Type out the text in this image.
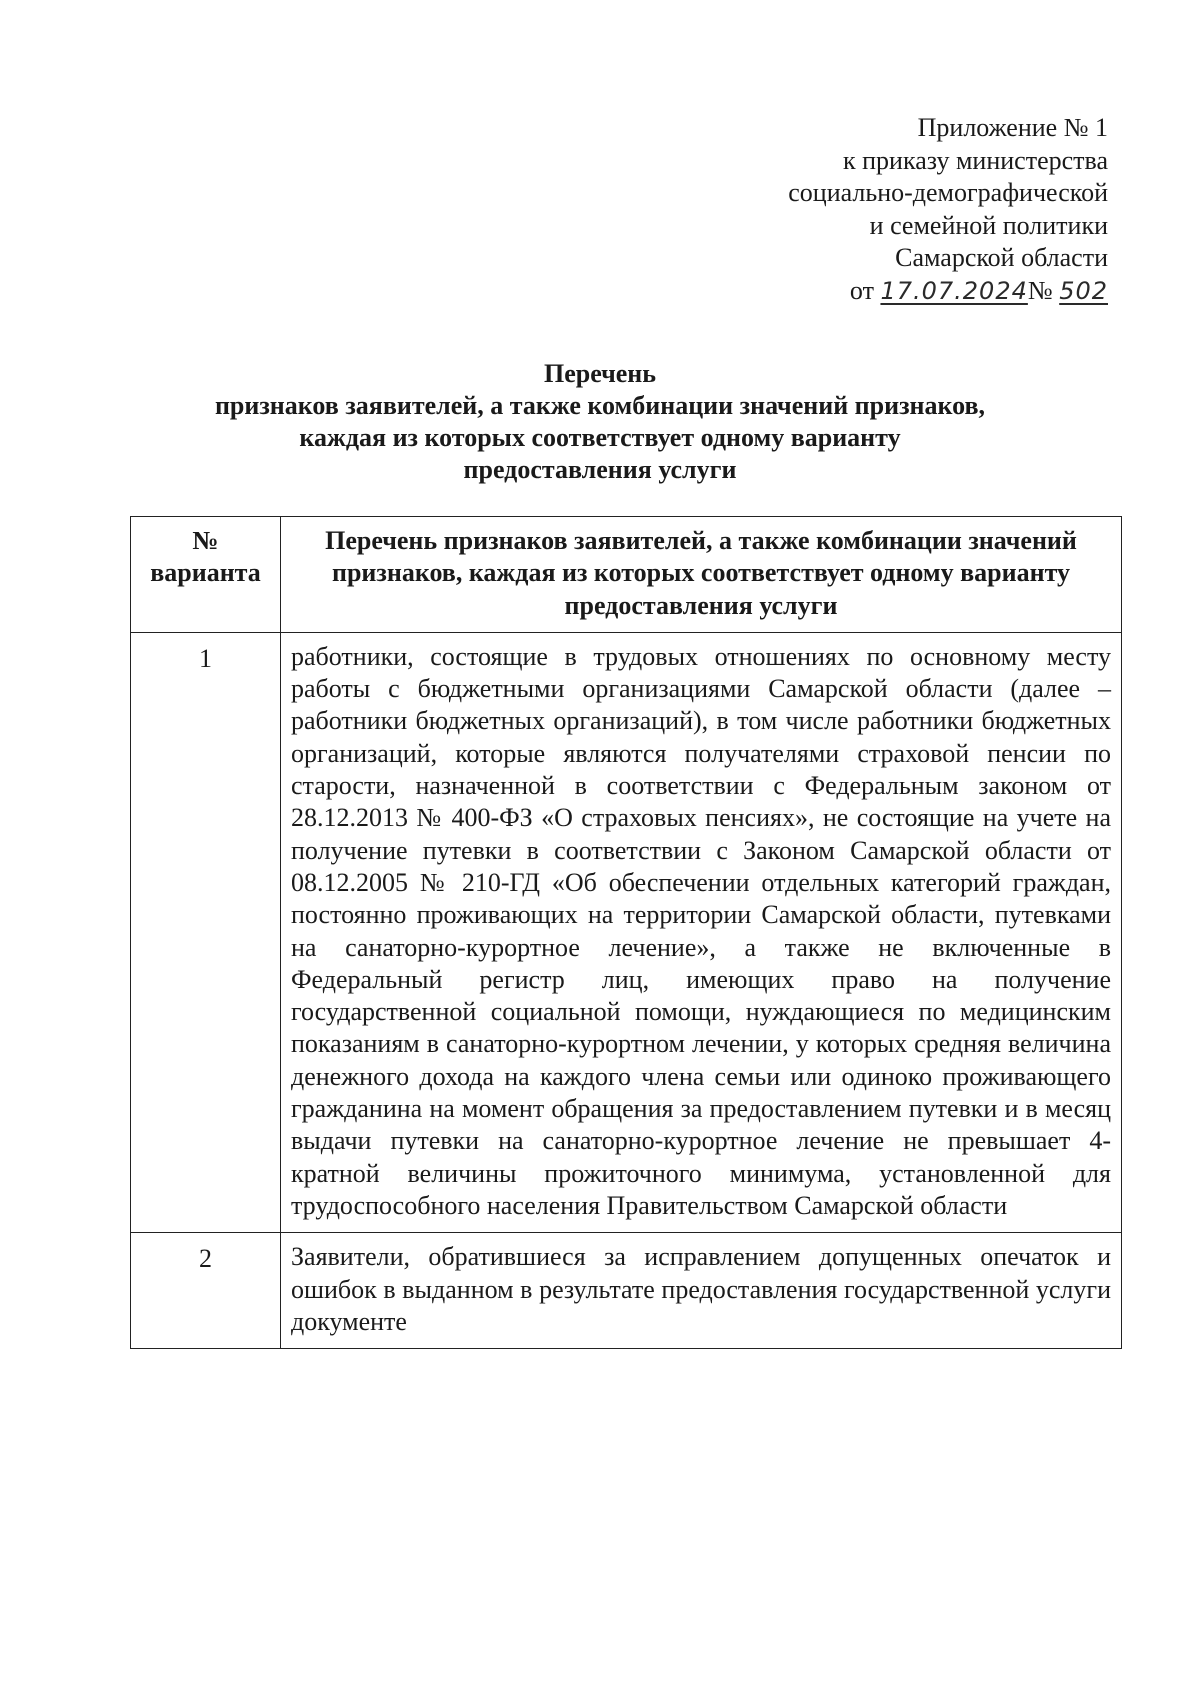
Приложение № 1
к приказу министерства
социально-демографической
и семейной политики
Самарской области
от 17.07.2024№ 502
Перечень
признаков заявителей, а также комбинации значений признаков,
каждая из которых соответствует одному варианту
предоставления услуги
№ варианта	Перечень признаков заявителей, а также комбинации значений признаков, каждая из которых соответствует одному варианту предоставления услуги
1	работники, состоящие в трудовых отношениях по основному месту работы с бюджетными организациями Самарской области (далее – работники бюджетных организаций), в том числе работники бюджетных организаций, которые являются получателями страховой пенсии по старости, назначенной в соответствии с Федеральным законом от 28.12.2013 № 400-ФЗ «О страховых пенсиях», не состоящие на учете на получение путевки в соответствии с Законом Самарской области от 08.12.2005 № 210-ГД «Об обеспечении отдельных категорий граждан, постоянно проживающих на территории Самарской области, путевками на санаторно-курортное лечение», а также не включенные в Федеральный регистр лиц, имеющих право на получение государственной социальной помощи, нуждающиеся по медицинским показаниям в санаторно-курортном лечении, у которых средняя величина денежного дохода на каждого члена семьи или одиноко проживающего гражданина на момент обращения за предоставлением путевки и в месяц выдачи путевки на санаторно-курортное лечение не превышает 4-кратной величины прожиточного минимума, установленной для трудоспособного населения Правительством Самарской области
2	Заявители, обратившиеся за исправлением допущенных опечаток и ошибок в выданном в результате предоставления государственной услуги документе
